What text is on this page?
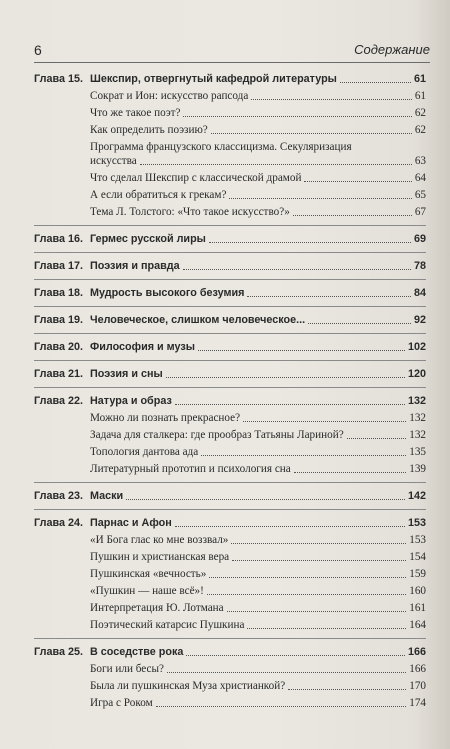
6	Содержание
Глава 15. Шекспир, отвергнутый кафедрой литературы	61
Сократ и Ион: искусство рапсода	61
Что же такое поэт?	62
Как определить поэзию?	62
Программа французского классицизма. Секуляризация
искусства	63
Что сделал Шекспир с классической драмой	64
А если обратиться к грекам?	65
Тема Л. Толстого: «Что такое искусство?»	67
Глава 16. Гермес русской лиры	69
Глава 17. Поэзия и правда	78
Глава 18. Мудрость высокого безумия	84
Глава 19. Человеческое, слишком человеческое...	92
Глава 20. Философия и музы	102
Глава 21. Поэзия и сны	120
Глава 22. Натура и образ	132
Можно ли познать прекрасное?	132
Задача для сталкера: где прообраз Татьяны Лариной?	132
Топология дантова ада	135
Литературный прототип и психология сна	139
Глава 23. Маски	142
Глава 24. Парнас и Афон	153
«И Бога глас ко мне воззвал»	153
Пушкин и христианская вера	154
Пушкинская «вечность»	159
«Пушкин — наше всё»!	160
Интерпретация Ю. Лотмана	161
Поэтический катарсис Пушкина	164
Глава 25. В соседстве рока	166
Боги или бесы?	166
Была ли пушкинская Муза христианкой?	170
Игра с Роком	174
